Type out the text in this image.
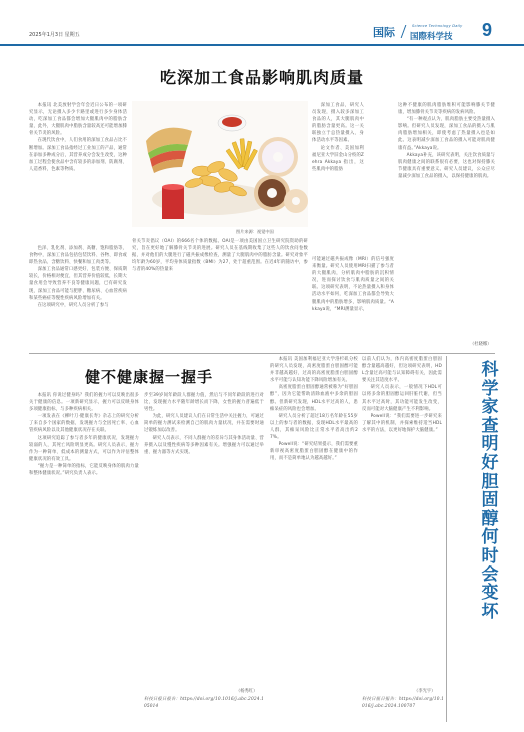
2025年1月3日 星期五	国际	Science Technology Daily
国際科学技 9
吃深加工食品影响肌肉质量

本报讯 北美放射学会年会近日公布的一项研究显示，无论摄入多少卡路里或进行多少身体活动，吃深加工食品都会增加大腿肌肉中的脂肪含量，此外，大腿肌肉中脂肪含量较高还可能增加膝骨关节炎的风险。

在现代饮食中，人们食用的深加工食品占比不断增加。深加工食品指经过工业加工的产品，通常在添加多种成分后，其营养成分会发生改变，这种加工过程会使食品中含有较多的添加剂、防腐剂、人造香料，色素等物质。

图片来源：视觉中国

色泽、乳化剂、添加剂、高糖、饱和脂肪等，食物中，深加工食品包括包装饮料、谷物、即食或即热食品、含糖饮料、快餐和加工肉类等。

深加工食品通常口感更好、包装方便、保质期较长，价格相对便宜，但其营养价值较低，长期大量食用会导致营养不良等健康问题，已有研究发现，深加工食品可能与肥胖、糖尿病、心血管疾病和某些癌症等慢性疾病风险增加有关。

在这项研究中，研究人员分析了参与

骨关节炎倡议（OAI）的666名个体的数据。OAI是一项由美国国立卫生研究院资助的研究，旨在更好地了解膝骨关节炎的进展。研究人员在基线期收集了这些人的饮食问卷数据，并对他们的大腿进行了磁共振成像检查，测量了大腿肌肉中的脂肪含量。研究对象平均年龄为60岁，平均身体质量指数（BMI）为27，处于超重范围。在近4年的随访中，参与者的40%的热量来

深加工食品，研究人员发现，摄入较多深加工食品的人，其大腿肌肉中的脂肪含量更高。这一关联独立于总热量摄入、身体活动水平等因素。

论文作者、美国加利福尼亚大学旧金山分校的Zehra Akkaya 指出，这些肌肉中的脂肪

可能通过磁共振成像（MRI）的信号强度来衡量。研究人员使用MRI扫描了参与者的大腿肌肉，分析肌肉中脂肪的沉积情况，进而探讨饮食与肌肉质量之间的关联。这项研究表明，不论热量摄入和身体活动水平如何，吃深加工食品都会导致大腿肌肉中的脂肪增多，影响肌肉质量。“Akkaya说，“MRI测量显示，

这种不健康的肌肉脂肪堆积可能影响膝关节健康，增加膝骨关节炎等疾病的发病风险。

“有一种观点认为，肌肉脂肪主要受热量摄入影响。但研究人员发现，深加工食品的摄入与肌肉脂肪增加相关，即使考虑了热量摄入也是如此。这表明减少深加工食品的摄入可能对肌肉健康有益。”Akkaya说。

Akkaya补充，该研究表明，关注饮食质量与肌肉健康之间的联系很有必要，这也对保持膝关节健康具有重要意义。研究人员建议，公众应尽量减少深加工食品的摄入，以保持健康的肌肉。

（杜晓娜）
健不健康握一握手

本报讯 你说过健身吗？我们的握力可以反映出很多关于健康的信息。一项新研究显示，握力可以反映身体多项健康指标，与多种疾病相关。

一项发表在《柳叶刀·健康长寿》杂志上的研究分析了来自多个国家的数据，发现握力与全因死亡率、心血管疾病风险以及其他健康状况存在关联。

这项研究追踪了参与者多年的健康状况，发现握力较弱的人，其死亡风险明显更高。研究人员表示，握力作为一种简单、低成本的测量方式，可以作为评估整体健康状况的有效工具。

“握力是一种简单的指标，它能反映身体的肌肉力量和整体健康状况。”研究负责人表示。

步至39岁间年龄段人群握力值，然后与不同年龄段的进行对比，发现握力水平随年龄增长而下降，女性的握力普遍低于男性。

为此，研究人员建议人们在日常生活中关注握力，可通过简单的握力测试来检测自己的肌肉力量状况，并在需要时通过锻炼加以改善。

研究人员表示，不同人群握力的差异与其身体活动量、营养摄入以及慢性疾病等多种因素有关。增强握力可以通过举重、握力器等方式实现。

（杨秀红）
科技日报日报告：https://doi.org/10.1016/j.abc.2024.105014

本报讯 美国加利福尼亚大学洛杉矶分校的研究人员发现，高密度脂蛋白胆固醇可能并非越高越好，过高的高密度脂蛋白胆固醇水平可能与认知功能下降风险增加有关。

高密度脂蛋白胆固醇通常被称为“好胆固醇”，因为它能帮助清除血液中多余的胆固醇。但新研究发现，HDL水平过高的人，患痴呆症的风险也会增加。

研究人员分析了超过18万名年龄在55岁以上的参与者的数据，发现HDL水平最高的人群，其痴呆风险比正常水平者高出约27%。

Powell说：“研究结果提示，我们需要重新审视高密度脂蛋白胆固醇在健康中的作用，而不是简单地认为越高越好。”

以前人们认为，体内高密度脂蛋白胆固醇含量越高越好，但这项研究表明，HDL含量过高可能与认知障碍有关，因此需要关注其适度水平。

研究人员表示，一般情况下HDL可以将多余的胆固醇运回肝脏代谢，但当其水平过高时，其功能可能发生改变，反而可能对大脑健康产生不利影响。

Powell说：“我们需要进一步研究来了解其中的机制，并探索维持适当HDL水平的方法，以更好地保护大脑健康。”

（李光宇）
科技日报日报告：https://doi.org/10.1016/j.abc.2024.100707
科学家查明好胆固醇何时会变坏
